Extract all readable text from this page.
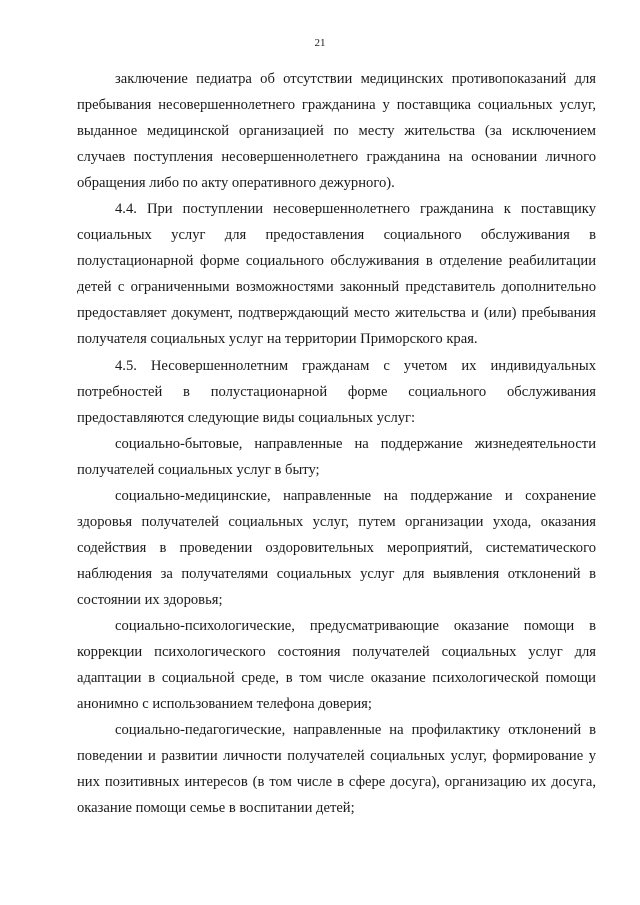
21

заключение педиатра об отсутствии медицинских противопоказаний для пребывания несовершеннолетнего гражданина у поставщика социальных услуг, выданное медицинской организацией по месту жительства (за исключением случаев поступления несовершеннолетнего гражданина на основании личного обращения либо по акту оперативного дежурного).

4.4. При поступлении несовершеннолетнего гражданина к поставщику социальных услуг для предоставления социального обслуживания в полустационарной форме социального обслуживания в отделение реабилитации детей с ограниченными возможностями законный представитель дополнительно предоставляет документ, подтверждающий место жительства и (или) пребывания получателя социальных услуг на территории Приморского края.

4.5. Несовершеннолетним гражданам с учетом их индивидуальных потребностей в полустационарной форме социального обслуживания предоставляются следующие виды социальных услуг:

социально-бытовые, направленные на поддержание жизнедеятельности получателей социальных услуг в быту;

социально-медицинские, направленные на поддержание и сохранение здоровья получателей социальных услуг, путем организации ухода, оказания содействия в проведении оздоровительных мероприятий, систематического наблюдения за получателями социальных услуг для выявления отклонений в состоянии их здоровья;

социально-психологические, предусматривающие оказание помощи в коррекции психологического состояния получателей социальных услуг для адаптации в социальной среде, в том числе оказание психологической помощи анонимно с использованием телефона доверия;

социально-педагогические, направленные на профилактику отклонений в поведении и развитии личности получателей социальных услуг, формирование у них позитивных интересов (в том числе в сфере досуга), организацию их досуга, оказание помощи семье в воспитании детей;
